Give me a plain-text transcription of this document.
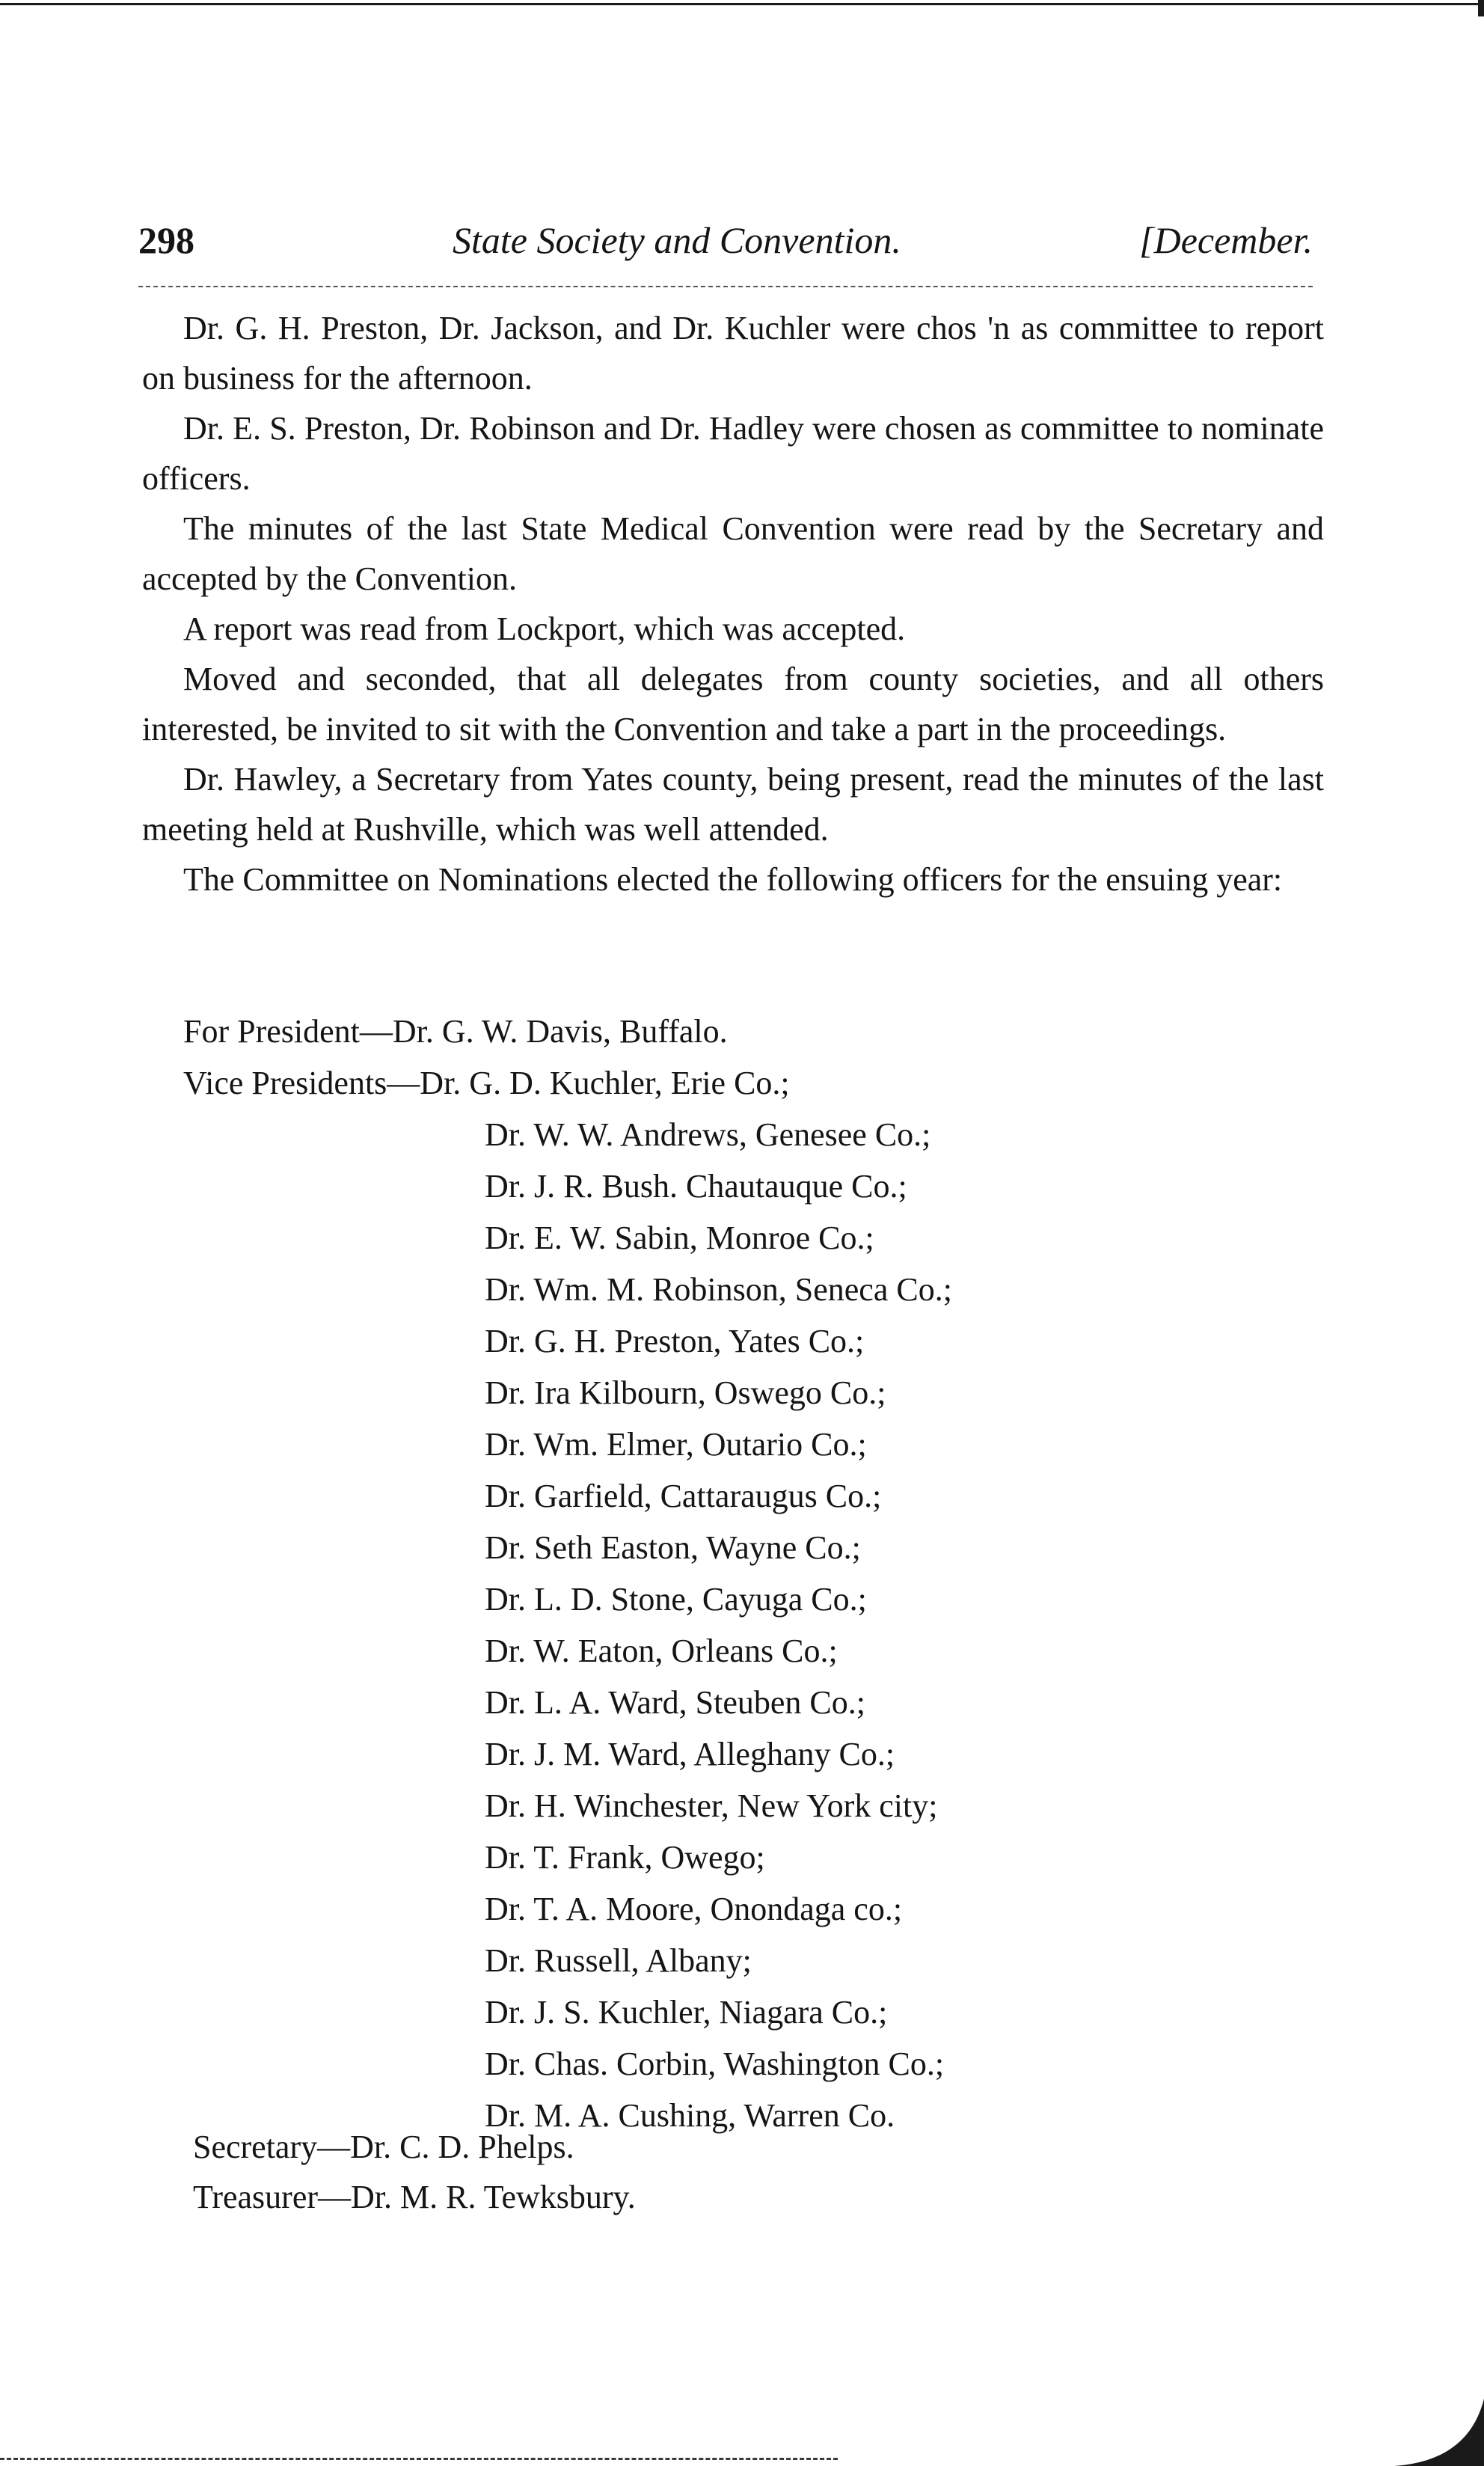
298	State Society and Convention.	[December.

Dr. G. H. Preston, Dr. Jackson, and Dr. Kuchler were chos 'n as committee to report on business for the afternoon.

Dr. E. S. Preston, Dr. Robinson and Dr. Hadley were chosen as committee to nominate officers.

The minutes of the last State Medical Convention were read by the Secretary and accepted by the Convention.

A report was read from Lockport, which was accepted.

Moved and seconded, that all delegates from county societies, and all others interested, be invited to sit with the Convention and take a part in the proceedings.

Dr. Hawley, a Secretary from Yates county, being present, read the minutes of the last meeting held at Rushville, which was well attended.

The Committee on Nominations elected the following officers for the ensuing year:

For President—Dr. G. W. Davis, Buffalo.
Vice Presidents—Dr. G. D. Kuchler, Erie Co.;
Dr. W. W. Andrews, Genesee Co.;
Dr. J. R. Bush. Chautauque Co.;
Dr. E. W. Sabin, Monroe Co.;
Dr. Wm. M. Robinson, Seneca Co.;
Dr. G. H. Preston, Yates Co.;
Dr. Ira Kilbourn, Oswego Co.;
Dr. Wm. Elmer, Outario Co.;
Dr. Garfield, Cattaraugus Co.;
Dr. Seth Easton, Wayne Co.;
Dr. L. D. Stone, Cayuga Co.;
Dr. W. Eaton, Orleans Co.;
Dr. L. A. Ward, Steuben Co.;
Dr. J. M. Ward, Alleghany Co.;
Dr. H. Winchester, New York city;
Dr. T. Frank, Owego;
Dr. T. A. Moore, Onondaga co.;
Dr. Russell, Albany;
Dr. J. S. Kuchler, Niagara Co.;
Dr. Chas. Corbin, Washington Co.;
Dr. M. A. Cushing, Warren Co.
Secretary—Dr. C. D. Phelps.
Treasurer—Dr. M. R. Tewksbury.
